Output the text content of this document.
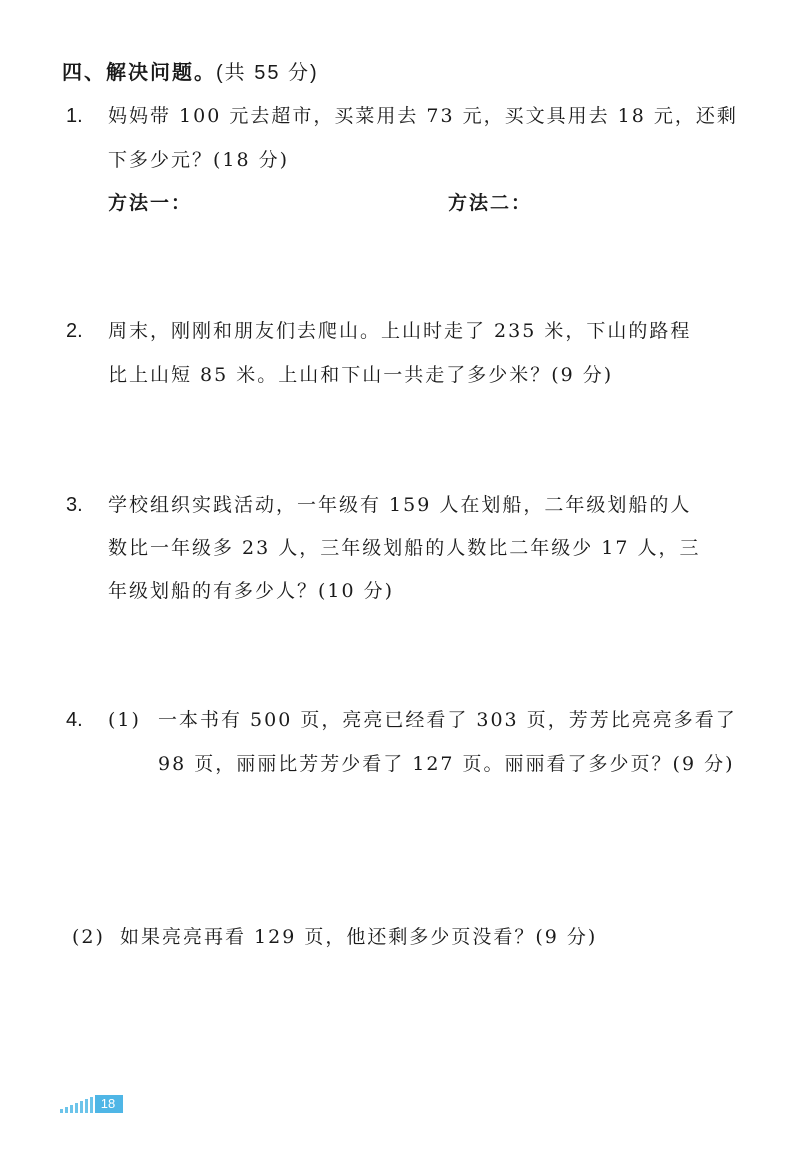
四、解决问题。(共 55 分)
1. 妈妈带 100 元去超市，买菜用去 73 元，买文具用去 18 元，还剩
下多少元？(18 分)
方法一：	方法二：
2. 周末，刚刚和朋友们去爬山。上山时走了 235 米，下山的路程
比上山短 85 米。上山和下山一共走了多少米？(9 分)
3. 学校组织实践活动，一年级有 159 人在划船，二年级划船的人
数比一年级多 23 人，三年级划船的人数比二年级少 17 人，三
年级划船的有多少人？(10 分)
4. (1) 一本书有 500 页，亮亮已经看了 303 页，芳芳比亮亮多看了
98 页，丽丽比芳芳少看了 127 页。丽丽看了多少页？(9 分)
(2) 如果亮亮再看 129 页，他还剩多少页没看？(9 分)
18
